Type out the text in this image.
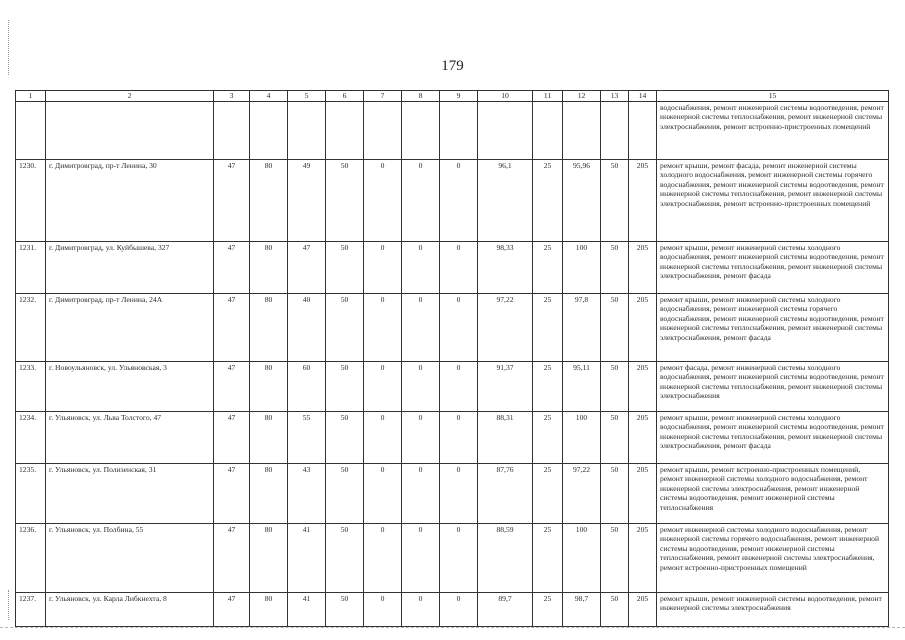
179
1	2	3	4	5	6	7	8	9	10	11	12	13	14	15
														водоснабжения, ремонт инженерной системы водоотведения, ремонт инженерной системы теплоснабжения, ремонт инженерной системы электроснабжения, ремонт встроенно-пристроенных помещений
1230.	г. Димитровград, пр-т Ленина, 30	47	80	49	50	0	0	0	96,1	25	95,96	50	205	ремонт крыши, ремонт фасада, ремонт инженерной системы холодного водоснабжения, ремонт инженерной системы горячего водоснабжения, ремонт инженерной системы водоотведения, ремонт инженерной системы теплоснабжения, ремонт инженерной системы электроснабжения, ремонт встроенно-пристроенных помещений
1231.	г. Димитровград, ул. Куйбышева, 327	47	80	47	50	0	0	0	98,33	25	100	50	205	ремонт крыши, ремонт инженерной системы холодного водоснабжения, ремонт инженерной системы водоотведения, ремонт инженерной системы теплоснабжения, ремонт инженерной системы электроснабжения, ремонт фасада
1232.	г. Димитровград, пр-т Ленина, 24А	47	80	40	50	0	0	0	97,22	25	97,8	50	205	ремонт крыши, ремонт инженерной системы холодного водоснабжения, ремонт инженерной системы горячего водоснабжения, ремонт инженерной системы водоотведения, ремонт инженерной системы теплоснабжения, ремонт инженерной системы электроснабжения, ремонт фасада
1233.	г. Новоульяновск, ул. Ульяновская, 3	47	80	60	50	0	0	0	91,37	25	95,11	50	205	ремонт фасада, ремонт инженерной системы холодного водоснабжения, ремонт инженерной системы водоотведения, ремонт инженерной системы теплоснабжения, ремонт инженерной системы электроснабжения
1234.	г. Ульяновск, ул. Льва Толстого, 47	47	80	55	50	0	0	0	88,31	25	100	50	205	ремонт крыши, ремонт инженерной системы холодного водоснабжения, ремонт инженерной системы водоотведения, ремонт инженерной системы теплоснабжения, ремонт инженерной системы электроснабжения, ремонт фасада
1235.	г. Ульяновск, ул. Полизенская, 31	47	80	43	50	0	0	0	87,76	25	97,22	50	205	ремонт крыши, ремонт встроенно-пристроенных помещений, ремонт инженерной системы холодного водоснабжения, ремонт инженерной системы электроснабжения, ремонт инженерной системы водоотведения, ремонт инженерной системы теплоснабжения
1236.	г. Ульяновск, ул. Полбина, 55	47	80	41	50	0	0	0	88,59	25	100	50	205	ремонт инженерной системы холодного водоснабжения, ремонт инженерной системы горячего водоснабжения, ремонт инженерной системы водоотведения, ремонт инженерной системы теплоснабжения, ремонт инженерной системы электроснабжения, ремонт встроенно-пристроенных помещений
1237.	г. Ульяновск, ул. Карла Либкнехта, 8	47	80	41	50	0	0	0	89,7	25	98,7	50	205	ремонт крыши, ремонт инженерной системы водоотведения, ремонт инженерной системы электроснабжения
